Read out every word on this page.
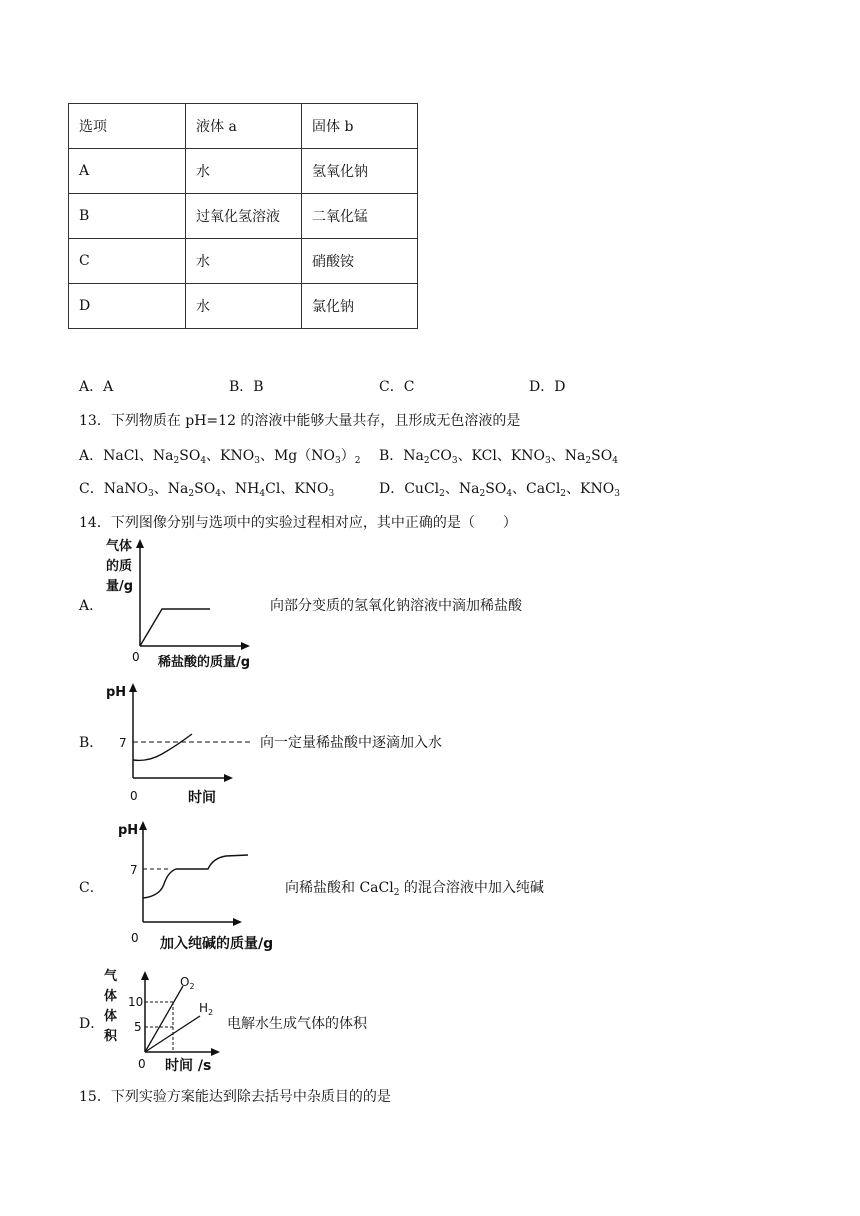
选项	液体 a	固体 b
A	水	氢氧化钠
B	过氧化氢溶液	二氧化锰
C	水	硝酸铵
D	水	氯化钠
A．A	B．B	C．C	D．D
13．下列物质在 pH=12 的溶液中能够大量共存，且形成无色溶液的是
A．NaCl、$Na_2SO_4$、$KNO_3$、$Mg(NO_3)_2$ B．$Na_2CO_3$、KCl、$KNO_3$、$Na_2SO_4$
C．NaNO$_3$、$Na_2SO_4$、$NH_4Cl$、$KNO_3$	D．CuCl$_2$、$Na_2SO_4$、CaCl$_2$、$KNO_3$
14．下列图像分别与选项中的实验过程相对应，其中正确的是（　　）
A．
气体
的质
量/g
0 稀盐酸的质量/g
向部分变质的氢氧化钠溶液中滴加稀盐酸
B．
pH
7
0	时间
向一定量稀盐酸中逐滴加入水
C．
pH
7
0 加入纯碱的质量/g
向稀盐酸和 CaCl$_2$ 的混合溶液中加入纯碱
D．
气
体
体
积
10
5
$O_2$
$H_2$
0 时间 /s
电解水生成气体的体积
15．下列实验方案能达到除去括号中杂质目的的是
